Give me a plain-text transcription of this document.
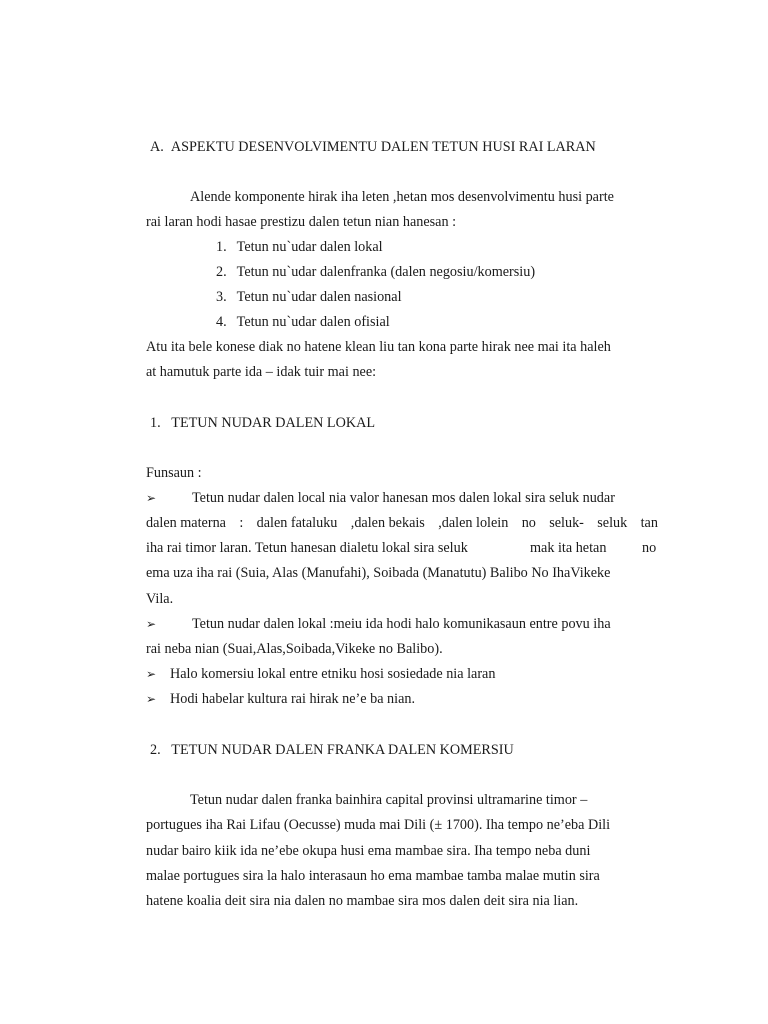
A. ASPEKTU DESENVOLVIMENTU DALEN TETUN HUSI RAI LARAN
Alende komponente hirak iha leten ,hetan mos desenvolvimentu husi parte
rai laran hodi hasae prestizu dalen tetun nian hanesan :
1. Tetun nu`udar dalen lokal
2. Tetun nu`udar dalenfranka (dalen negosiu/komersiu)
3. Tetun nu`udar dalen nasional
4. Tetun nu`udar dalen ofisial
Atu ita bele konese diak no hatene klean liu tan kona parte hirak nee mai ita haleh
at hamutuk parte ida – idak tuir mai nee:
1. TETUN NUDAR DALEN LOKAL
Funsaun :
➢	Tetun nudar dalen local nia valor hanesan mos dalen lokal sira seluk nudar
dalen materna : dalen fataluku ,dalen bekais ,dalen lolein no seluk- seluk tan
iha rai timor laran. Tetun hanesan dialetu lokal sira seluk	mak ita hetan	no
ema uza iha rai (Suia, Alas (Manufahi), Soibada (Manatutu) Balibo No IhaVikeke
Vila.
➢	Tetun nudar dalen lokal :meiu ida hodi halo komunikasaun entre povu iha
rai neba nian (Suai,Alas,Soibada,Vikeke no Balibo).
➢ Halo komersiu lokal entre etniku hosi sosiedade nia laran
➢ Hodi habelar kultura rai hirak ne’e ba nian.
2. TETUN NUDAR DALEN FRANKA DALEN KOMERSIU
Tetun nudar dalen franka bainhira capital provinsi ultramarine timor –
portugues iha Rai Lifau (Oecusse) muda mai Dili (± 1700). Iha tempo ne’eba Dili
nudar bairo kiik ida ne’ebe okupa husi ema mambae sira. Iha tempo neba duni
malae portugues sira la halo interasaun ho ema mambae tamba malae mutin sira
hatene koalia deit sira nia dalen no mambae sira mos dalen deit sira nia lian.
